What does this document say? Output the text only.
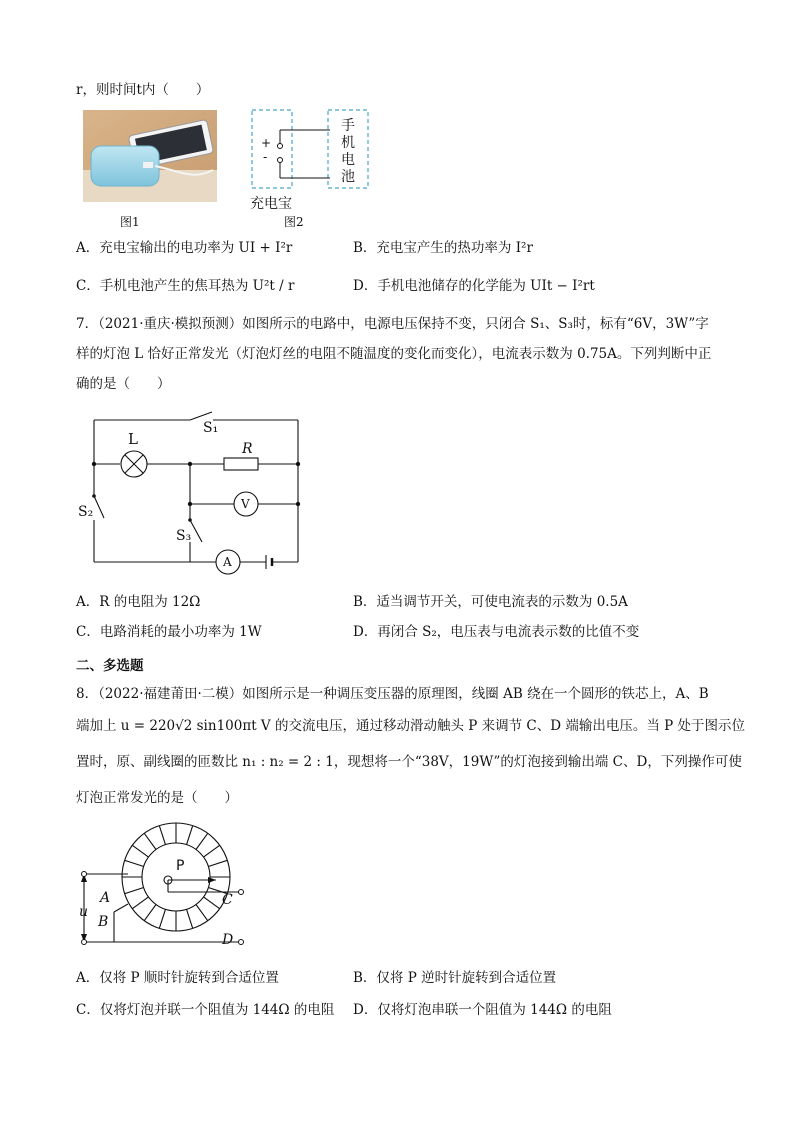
r，则时间t内（　　）
图1
+
-
手机电池
充电宝
图2
A．充电宝输出的电功率为 UI + I²r	B．充电宝产生的热功率为 I²r
C．手机电池产生的焦耳热为 U²t / r	D．手机电池储存的化学能为 UIt − I²rt
7．（2021·重庆·模拟预测）如图所示的电路中，电源电压保持不变，只闭合 S₁、S₃时，标有“6V，3W”字
样的灯泡 L 恰好正常发光（灯泡灯丝的电阻不随温度的变化而变化），电流表示数为 0.75A。下列判断中正
确的是（　　）
L
R
V
A
S₁
S₂
S₃
A．R 的电阻为 12Ω	B．适当调节开关，可使电流表的示数为 0.5A
C．电路消耗的最小功率为 1W	D．再闭合 S₂，电压表与电流表示数的比值不变
二、多选题
8．（2022·福建莆田·二模）如图所示是一种调压变压器的原理图，线圈 AB 绕在一个圆形的铁芯上，A、B
端加上 u = 220√2 sin100πt V 的交流电压，通过移动滑动触头 P 来调节 C、D 端输出电压。当 P 处于图示位
置时，原、副线圈的匝数比 n₁ : n₂ = 2 : 1，现想将一个“38V，19W”的灯泡接到输出端 C、D，下列操作可使
灯泡正常发光的是（　　）
P
u
A
B
C
D
A．仅将 P 顺时针旋转到合适位置	B．仅将 P 逆时针旋转到合适位置
C．仅将灯泡并联一个阻值为 144Ω 的电阻 D．仅将灯泡串联一个阻值为 144Ω 的电阻
